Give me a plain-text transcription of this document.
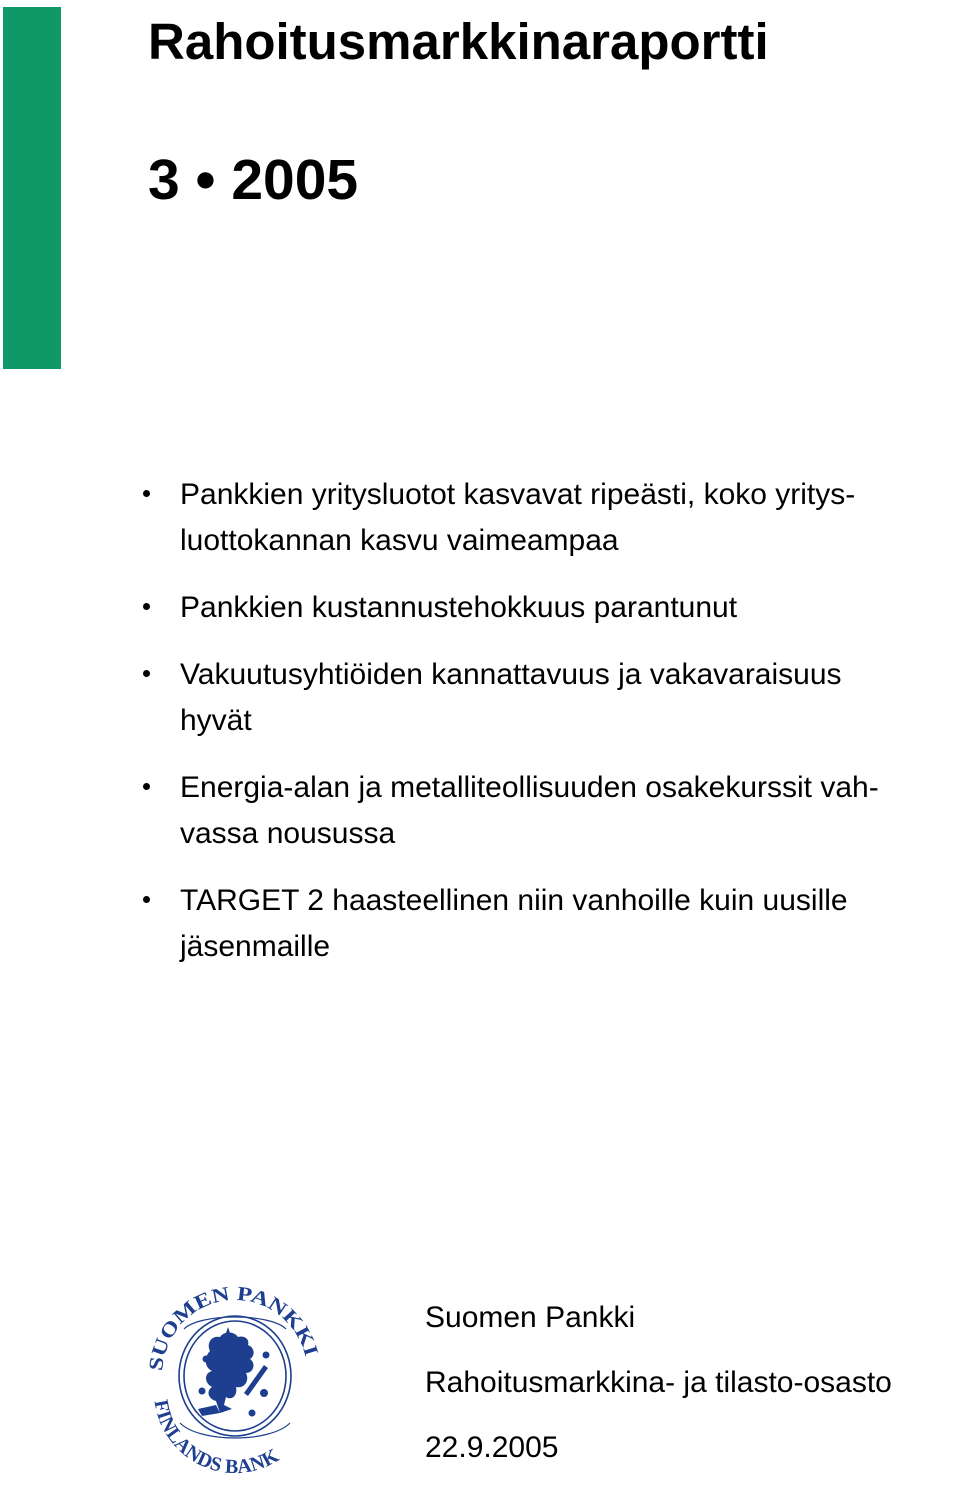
Rahoitusmarkkinaraportti
3 • 2005
Pankkien yritysluotot kasvavat ripeästi, koko yritys-
luottokannan kasvu vaimeampaa
Pankkien kustannustehokkuus parantunut
Vakuutusyhtiöiden kannattavuus ja vakavaraisuus
hyvät
Energia-alan ja metalliteollisuuden osakekurssit vah-
vassa nousussa
TARGET 2 haasteellinen niin vanhoille kuin uusille
jäsenmaille
SUOMEN PANKKI
FINLANDS BANK
Suomen Pankki
Rahoitusmarkkina- ja tilasto-osasto
22.9.2005
